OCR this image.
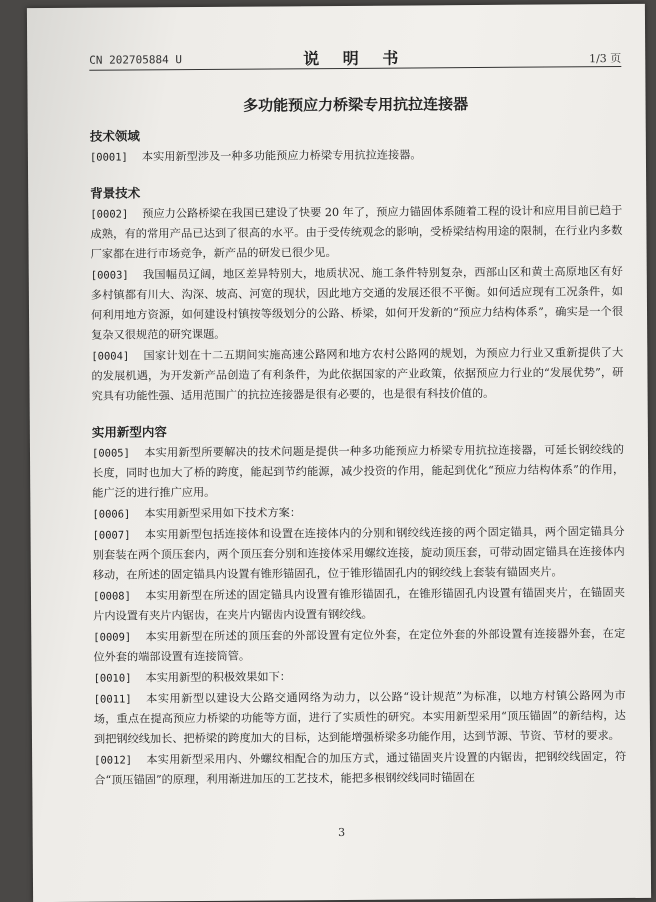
CN 202705884 U	说 明 书	1/3 页
多功能预应力桥梁专用抗拉连接器

技术领域

[0001] 本实用新型涉及一种多功能预应力桥梁专用抗拉连接器。

背景技术

[0002] 预应力公路桥梁在我国已建设了快要 20 年了，预应力锚固体系随着工程的设计和应用目前已趋于成熟，有的常用产品已达到了很高的水平。由于受传统观念的影响，受桥梁结构用途的限制，在行业内多数厂家都在进行市场竞争，新产品的研发已很少见。

[0003] 我国幅员辽阔，地区差异特别大，地质状况、施工条件特别复杂，西部山区和黄土高原地区有好多村镇都有川大、沟深、坡高、河宽的现状，因此地方交通的发展还很不平衡。如何适应现有工况条件，如何利用地方资源，如何建设村镇按等级划分的公路、桥梁，如何开发新的“预应力结构体系”，确实是一个很复杂又很规范的研究课题。

[0004] 国家计划在十二五期间实施高速公路网和地方农村公路网的规划，为预应力行业又重新提供了大的发展机遇，为开发新产品创造了有利条件，为此依据国家的产业政策，依据预应力行业的“发展优势”，研究具有功能性强、适用范围广的抗拉连接器是很有必要的，也是很有科技价值的。

实用新型内容

[0005] 本实用新型所要解决的技术问题是提供一种多功能预应力桥梁专用抗拉连接器，可延长钢绞线的长度，同时也加大了桥的跨度，能起到节约能源，减少投资的作用，能起到优化“预应力结构体系”的作用，能广泛的进行推广应用。

[0006] 本实用新型采用如下技术方案：

[0007] 本实用新型包括连接体和设置在连接体内的分别和钢绞线连接的两个固定锚具，两个固定锚具分别套装在两个顶压套内，两个顶压套分别和连接体采用螺纹连接，旋动顶压套，可带动固定锚具在连接体内移动，在所述的固定锚具内设置有锥形锚固孔，位于锥形锚固孔内的钢绞线上套装有锚固夹片。

[0008] 本实用新型在所述的固定锚具内设置有锥形锚固孔，在锥形锚固孔内设置有锚固夹片，在锚固夹片内设置有夹片内锯齿，在夹片内锯齿内设置有钢绞线。

[0009] 本实用新型在所述的顶压套的外部设置有定位外套，在定位外套的外部设置有连接器外套，在定位外套的端部设置有连接筒管。

[0010] 本实用新型的积极效果如下：

[0011] 本实用新型以建设大公路交通网络为动力，以公路“设计规范”为标准，以地方村镇公路网为市场，重点在提高预应力桥梁的功能等方面，进行了实质性的研究。本实用新型采用“顶压锚固”的新结构，达到把钢绞线加长、把桥梁的跨度加大的目标，达到能增强桥梁多功能作用，达到节源、节资、节材的要求。

[0012] 本实用新型采用内、外螺纹相配合的加压方式，通过锚固夹片设置的内锯齿，把钢绞线固定，符合“顶压锚固”的原理，利用渐进加压的工艺技术，能把多根钢绞线同时锚固在

3
